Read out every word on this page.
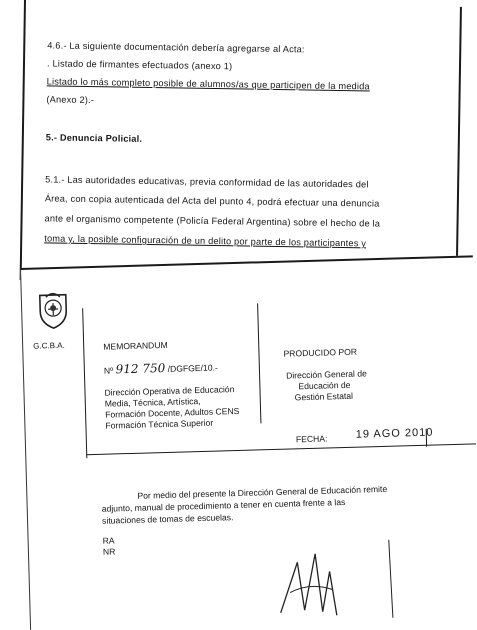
4.6.- La siguiente documentación debería agregarse al Acta:
. Listado de firmantes efectuados (anexo 1)
Listado lo más completo posible de alumnos/as que participen de la medida
(Anexo 2).-
5.- Denuncia Policial.
5.1.- Las autoridades educativas, previa conformidad de las autoridades del
Área, con copia autenticada del Acta del punto 4, podrá efectuar una denuncia
ante el organismo competente (Policía Federal Argentina) sobre el hecho de la
toma y, la posible configuración de un delito por parte de los participantes y
G.C.B.A.	MEMORANDUM
Nº 912 750 /DGFGE/10.-
Dirección Operativa de Educación
Media, Técnica, Artística,
Formación Docente, Adultos CENS
Formación Técnica Superior
PRODUCIDO POR
Dirección General de
Educación de
Gestión Estatal
FECHA:	19 AGO 2010
Por medio del presente la Dirección General de Educación remite
adjunto, manual de procedimiento a tener en cuenta frente a las
situaciones de tomas de escuelas.
RA
NR
